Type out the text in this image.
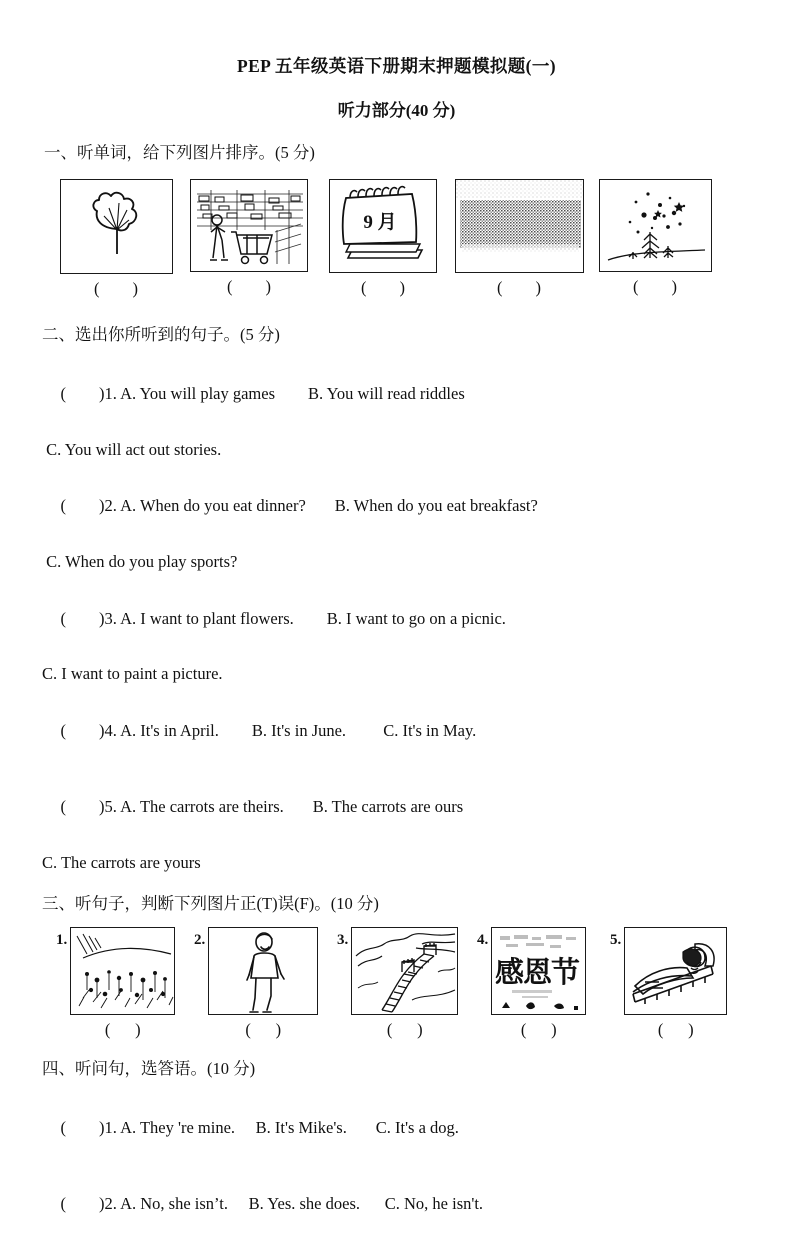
PEP 五年级英语下册期末押题模拟题(一)
听力部分(40 分)
一、听单词，给下列图片排序。(5 分)
(        )	(        )
9 月
(        )	(        )	(        )
二、选出你所听到的句子。(5 分)

(        )1. A. You will play games B. You will read riddles

C. You will act out stories.

(        )2. A. When do you eat dinner? B. When do you eat breakfast?

C. When do you play sports?

(        )3. A. I want to plant flowers. B. I want to go on a picnic.

C. I want to paint a picture.

(        )4. A. It's in April. B. It's in June. C. It's in May.

(        )5. A. The carrots are theirs. B. The carrots are ours

C. The carrots are yours
三、听句子，判断下列图片正(T)误(F)。(10 分)
1.
(      )
2.
(      )
3.
(      )
4.
感恩节
(      )
5.
(      )
四、听问句，选答语。(10 分)

(        )1. A. They 're mine. B. It's Mike's. C. It's a dog.

(        )2. A. No, she isn’t. B. Yes. she does. C. No, he isn't.
